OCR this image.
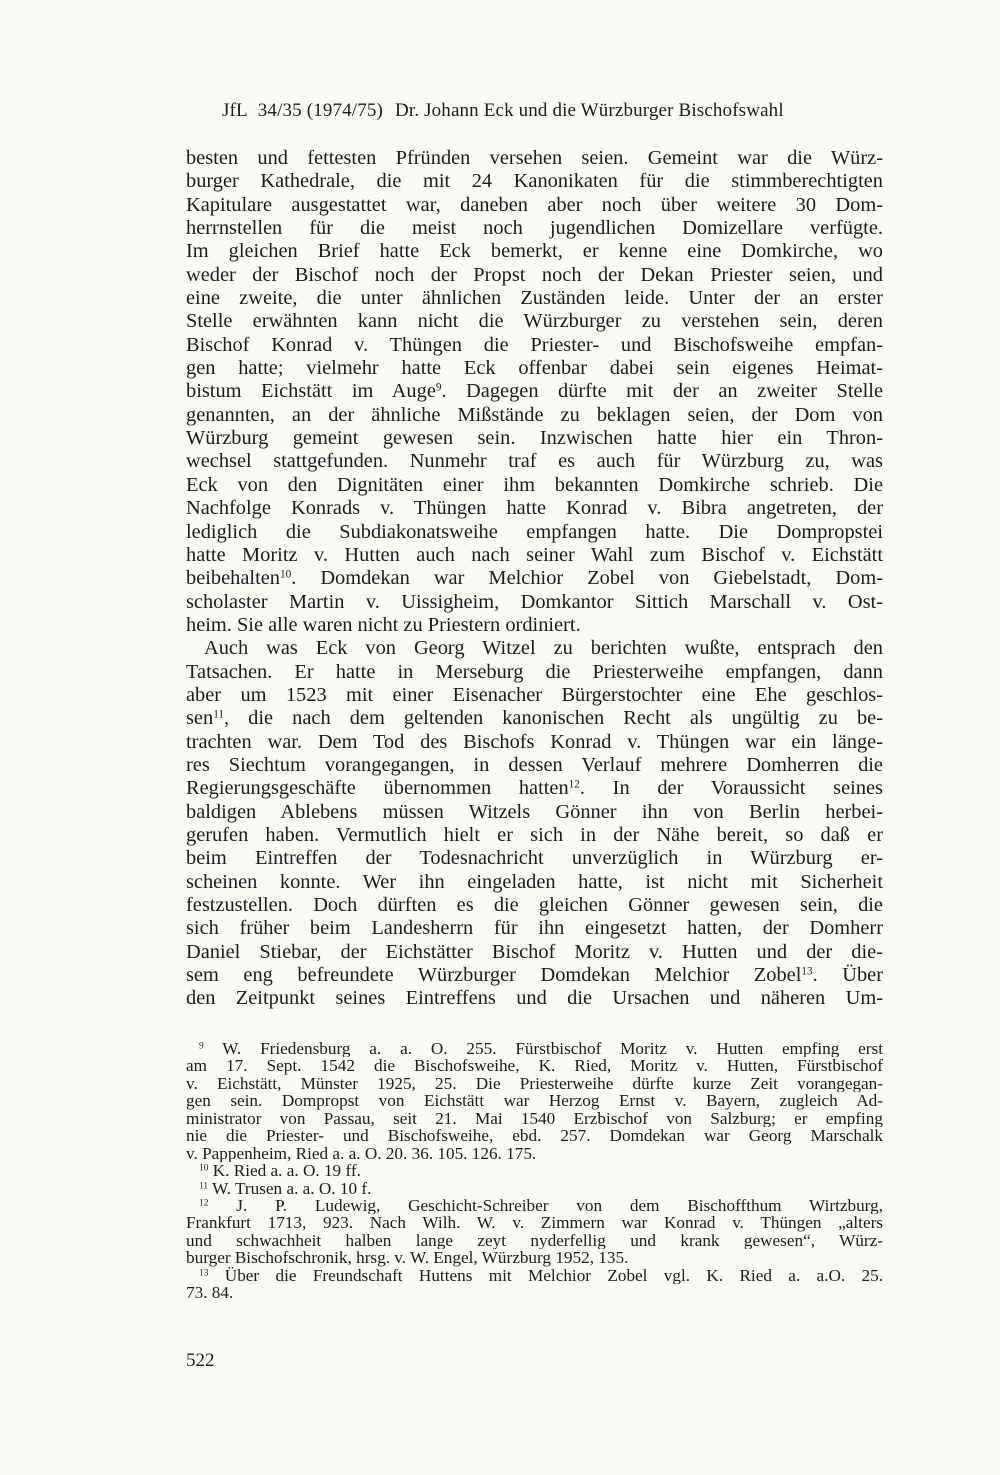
JfL 34/35 (1974/75) Dr. Johann Eck und die Würzburger Bischofswahl
besten und fettesten Pfründen versehen seien. Gemeint war die Würz-
burger Kathedrale, die mit 24 Kanonikaten für die stimmberechtigten
Kapitulare ausgestattet war, daneben aber noch über weitere 30 Dom-
herrnstellen für die meist noch jugendlichen Domizellare verfügte.
Im gleichen Brief hatte Eck bemerkt, er kenne eine Domkirche, wo
weder der Bischof noch der Propst noch der Dekan Priester seien, und
eine zweite, die unter ähnlichen Zuständen leide. Unter der an erster
Stelle erwähnten kann nicht die Würzburger zu verstehen sein, deren
Bischof Konrad v. Thüngen die Priester- und Bischofsweihe empfan-
gen hatte; vielmehr hatte Eck offenbar dabei sein eigenes Heimat-
bistum Eichstätt im Auge$^9$. Dagegen dürfte mit der an zweiter Stelle
genannten, an der ähnliche Mißstände zu beklagen seien, der Dom von
Würzburg gemeint gewesen sein. Inzwischen hatte hier ein Thron-
wechsel stattgefunden. Nunmehr traf es auch für Würzburg zu, was
Eck von den Dignitäten einer ihm bekannten Domkirche schrieb. Die
Nachfolge Konrads v. Thüngen hatte Konrad v. Bibra angetreten, der
lediglich die Subdiakonatsweihe empfangen hatte. Die Dompropstei
hatte Moritz v. Hutten auch nach seiner Wahl zum Bischof v. Eichstätt
beibehalten$^{10}$. Domdekan war Melchior Zobel von Giebelstadt, Dom-
scholaster Martin v. Uissigheim, Domkantor Sittich Marschall v. Ost-
heim. Sie alle waren nicht zu Priestern ordiniert.
Auch was Eck von Georg Witzel zu berichten wußte, entsprach den
Tatsachen. Er hatte in Merseburg die Priesterweihe empfangen, dann
aber um 1523 mit einer Eisenacher Bürgerstochter eine Ehe geschlos-
sen$^{11}$, die nach dem geltenden kanonischen Recht als ungültig zu be-
trachten war. Dem Tod des Bischofs Konrad v. Thüngen war ein länge-
res Siechtum vorangegangen, in dessen Verlauf mehrere Domherren die
Regierungsgeschäfte übernommen hatten$^{12}$. In der Voraussicht seines
baldigen Ablebens müssen Witzels Gönner ihn von Berlin herbei-
gerufen haben. Vermutlich hielt er sich in der Nähe bereit, so daß er
beim Eintreffen der Todesnachricht unverzüglich in Würzburg er-
scheinen konnte. Wer ihn eingeladen hatte, ist nicht mit Sicherheit
festzustellen. Doch dürften es die gleichen Gönner gewesen sein, die
sich früher beim Landesherrn für ihn eingesetzt hatten, der Domherr
Daniel Stiebar, der Eichstätter Bischof Moritz v. Hutten und der die-
sem eng befreundete Würzburger Domdekan Melchior Zobel$^{13}$. Über
den Zeitpunkt seines Eintreffens und die Ursachen und näheren Um-
$^9$ W. Friedensburg a. a. O. 255. Fürstbischof Moritz v. Hutten empfing erst
am 17. Sept. 1542 die Bischofsweihe, K. Ried, Moritz v. Hutten, Fürstbischof
v. Eichstätt, Münster 1925, 25. Die Priesterweihe dürfte kurze Zeit vorangegan-
gen sein. Dompropst von Eichstätt war Herzog Ernst v. Bayern, zugleich Ad-
ministrator von Passau, seit 21. Mai 1540 Erzbischof von Salzburg; er empfing
nie die Priester- und Bischofsweihe, ebd. 257. Domdekan war Georg Marschalk
v. Pappenheim, Ried a. a. O. 20. 36. 105. 126. 175.
$^{10}$ K. Ried a. a. O. 19 ff.
$^{11}$ W. Trusen a. a. O. 10 f.
$^{12}$ J. P. Ludewig, Geschicht-Schreiber von dem Bischoffthum Wirtzburg,
Frankfurt 1713, 923. Nach Wilh. W. v. Zimmern war Konrad v. Thüngen „alters
und schwachheit halben lange zeyt nyderfellig und krank gewesen“, Würz-
burger Bischofschronik, hrsg. v. W. Engel, Würzburg 1952, 135.
$^{13}$ Über die Freundschaft Huttens mit Melchior Zobel vgl. K. Ried a. a.O. 25.
73. 84.
522
